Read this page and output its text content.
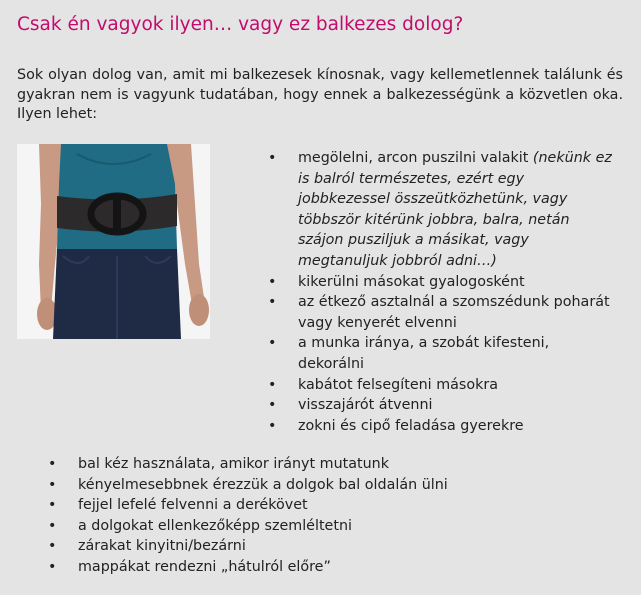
Csak én vagyok ilyen… vagy ez balkezes dolog?

Sok olyan dolog van, amit mi balkezesek kínosnak, vagy kellemetlennek találunk és gyakran nem is vagyunk tudatában, hogy ennek a balkezességünk a közvetlen oka. Ilyen lehet:

• megölelni, arcon puszilni valakit (nekünk ez is balról természetes, ezért egy jobbkezessel összeütközhetünk, vagy többször kitérünk jobbra, balra, netán szájon pusziljuk a másikat, vagy megtanuljuk jobbról adni…)
• kikerülni másokat gyalogosként
• az étkező asztalnál a szomszédunk poharát vagy kenyerét elvenni
• a munka iránya, a szobát kifesteni, dekorálni
• kabátot felsegíteni másokra
• visszajárót átvenni
• zokni és cipő feladása gyerekre
• bal kéz használata, amikor irányt mutatunk
• kényelmesebbnek érezzük a dolgok bal oldalán ülni
• fejjel lefelé felvenni a derékövet
• a dolgokat ellenkezőképp szemléltetni
• zárakat kinyitni/bezárni
• mappákat rendezni „hátulról előre”
